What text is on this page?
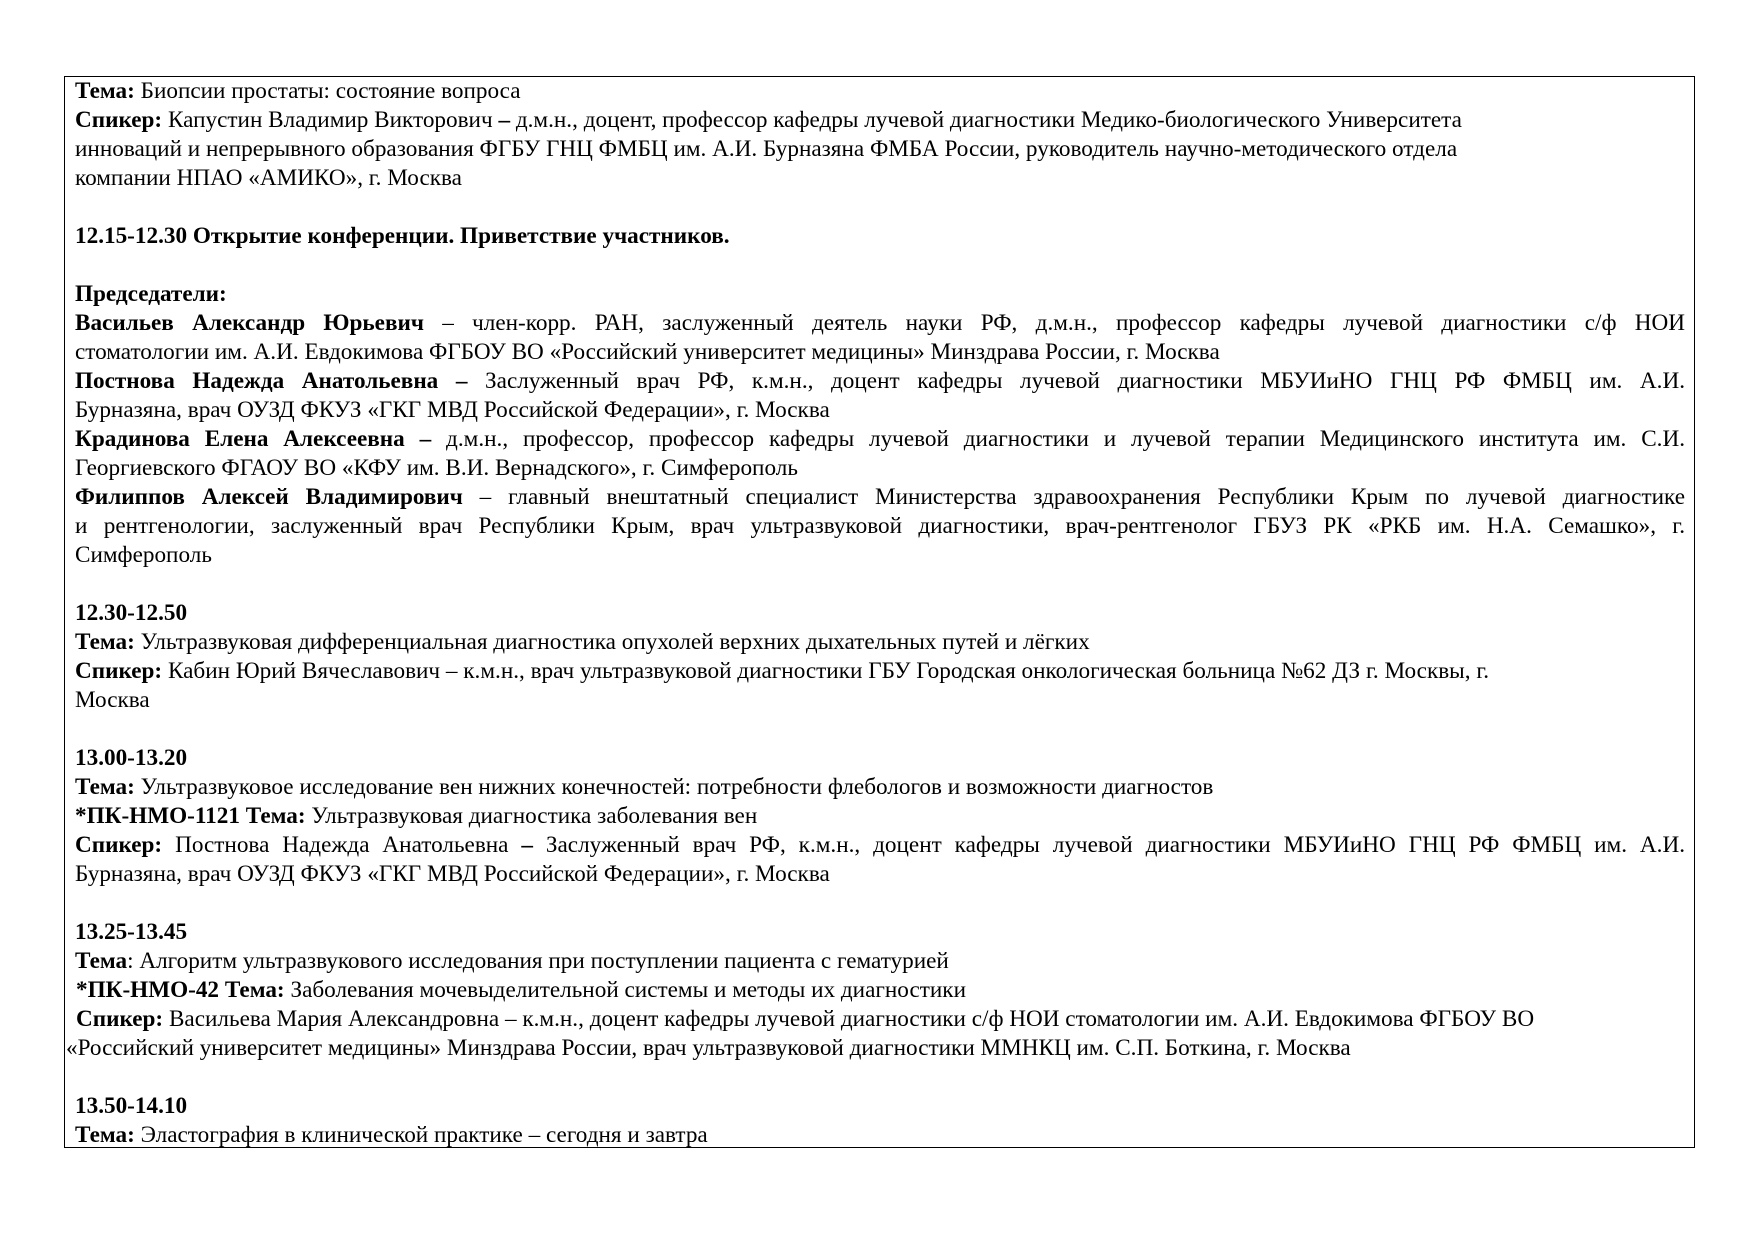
Тема: Биопсии простаты: состояние вопроса
Спикер: Капустин Владимир Викторович – д.м.н., доцент, профессор кафедры лучевой диагностики Медико-биологического Университета
инноваций и непрерывного образования ФГБУ ГНЦ ФМБЦ им. А.И. Бурназяна ФМБА России, руководитель научно-методического отдела
компании НПАО «АМИКО», г. Москва
12.15-12.30 Открытие конференции. Приветствие участников.
Председатели:
Васильев Александр Юрьевич – член-корр. РАН, заслуженный деятель науки РФ, д.м.н., профессор кафедры лучевой диагностики с/ф НОИ
стоматологии им. А.И. Евдокимова ФГБОУ ВО «Российский университет медицины» Минздрава России, г. Москва
Постнова Надежда Анатольевна – Заслуженный врач РФ, к.м.н., доцент кафедры лучевой диагностики МБУИиНО ГНЦ РФ ФМБЦ им. А.И.
Бурназяна, врач ОУЗД ФКУЗ «ГКГ МВД Российской Федерации», г. Москва
Крадинова Елена Алексеевна – д.м.н., профессор, профессор кафедры лучевой диагностики и лучевой терапии Медицинского института им. С.И.
Георгиевского ФГАОУ ВО «КФУ им. В.И. Вернадского», г. Симферополь
Филиппов Алексей Владимирович – главный внештатный специалист Министерства здравоохранения Республики Крым по лучевой диагностике
и рентгенологии, заслуженный врач Республики Крым, врач ультразвуковой диагностики, врач-рентгенолог ГБУЗ РК «РКБ им. Н.А. Семашко», г.
Симферополь
12.30-12.50
Тема: Ультразвуковая дифференциальная диагностика опухолей верхних дыхательных путей и лёгких
Спикер: Кабин Юрий Вячеславович – к.м.н., врач ультразвуковой диагностики ГБУ Городская онкологическая больница №62 ДЗ г. Москвы, г.
Москва
13.00-13.20
Тема: Ультразвуковое исследование вен нижних конечностей: потребности флебологов и возможности диагностов
*ПК-НМО-1121 Тема: Ультразвуковая диагностика заболевания вен
Спикер: Постнова Надежда Анатольевна – Заслуженный врач РФ, к.м.н., доцент кафедры лучевой диагностики МБУИиНО ГНЦ РФ ФМБЦ им. А.И.
Бурназяна, врач ОУЗД ФКУЗ «ГКГ МВД Российской Федерации», г. Москва
13.25-13.45
Тема: Алгоритм ультразвукового исследования при поступлении пациента с гематурией
*ПК-НМО-42 Тема: Заболевания мочевыделительной системы и методы их диагностики
Спикер: Васильева Мария Александровна – к.м.н., доцент кафедры лучевой диагностики с/ф НОИ стоматологии им. А.И. Евдокимова ФГБОУ ВО
«Российский университет медицины» Минздрава России, врач ультразвуковой диагностики ММНКЦ им. С.П. Боткина, г. Москва
13.50-14.10
Тема: Эластография в клинической практике – сегодня и завтра
